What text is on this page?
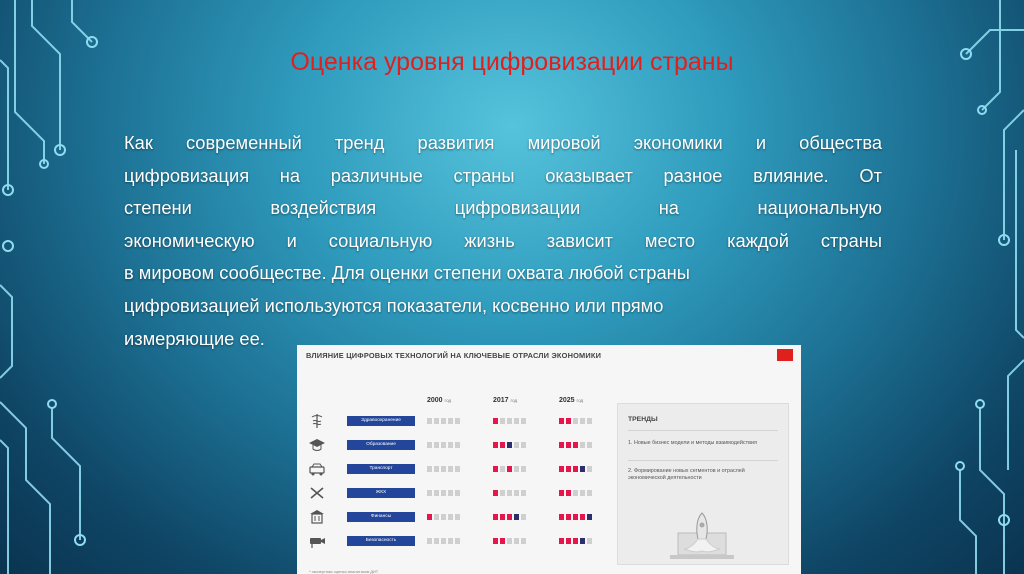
Оценка уровня цифровизации страны
Как современный тренд развития мировой экономики и общества
цифровизация на различные страны оказывает разное влияние. От
степени воздействия цифровизации на национальную
экономическую и социальную жизнь зависит место каждой страны
в мировом сообществе. Для оценки степени охвата любой страны
цифровизацией используются показатели, косвенно или прямо
измеряющие ее.
ВЛИЯНИЕ ЦИФРОВЫХ ТЕХНОЛОГИЙ НА КЛЮЧЕВЫЕ ОТРАСЛИ ЭКОНОМИКИ
2000 год	2017 год	2025 год
Здравоохранение
Образование
Транспорт
ЖКХ
Финансы
Безопасность
ТРЕНДЫ
1. Новые бизнес модели и методы взаимодействия
2. Формирование новых сегментов и отраслей экономической деятельности
* экспертная оценка аналитиков ДИТ
